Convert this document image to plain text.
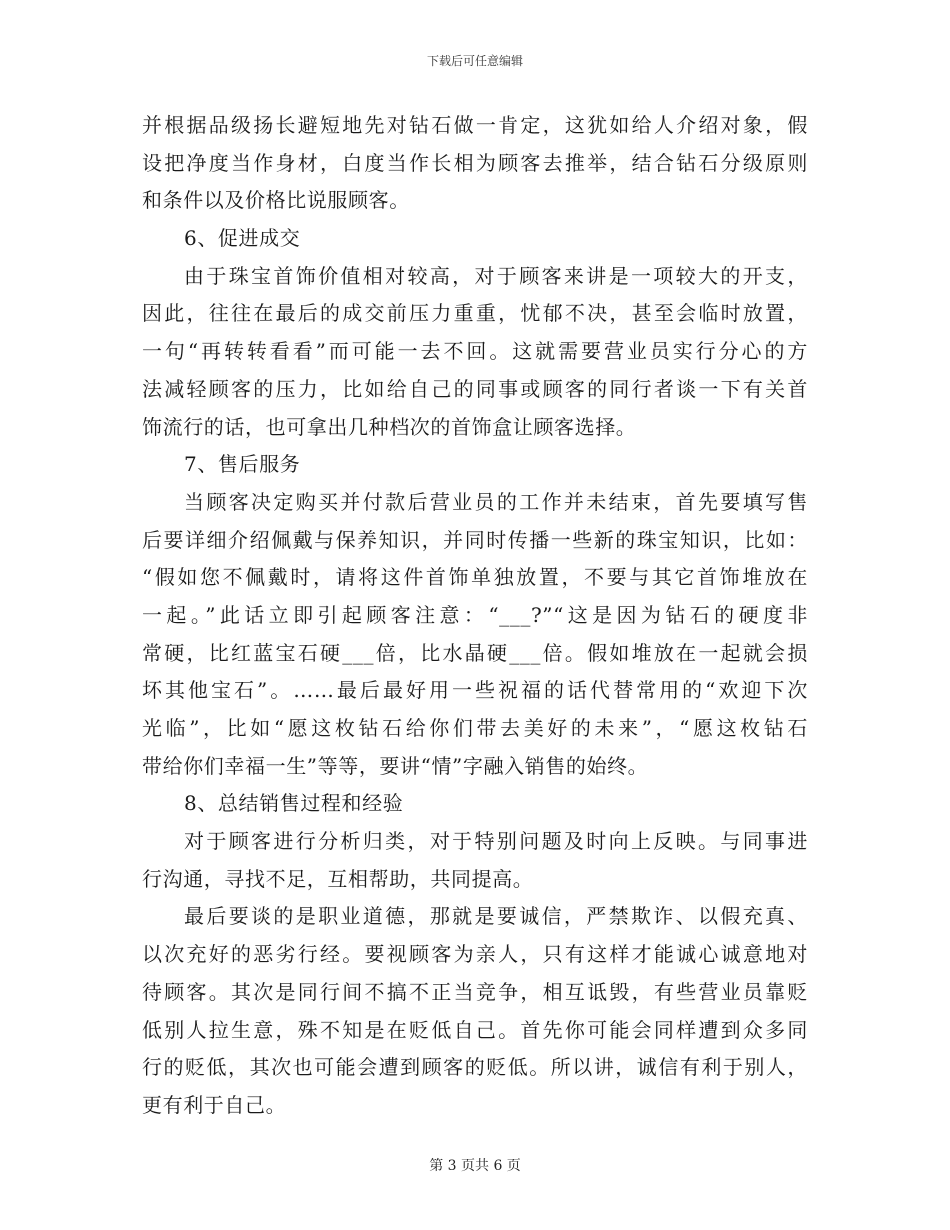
下载后可任意编辑
并根据品级扬长避短地先对钻石做一肯定，这犹如给人介绍对象，假
设把净度当作身材，白度当作长相为顾客去推举，结合钻石分级原则
和条件以及价格比说服顾客。
6、促进成交
由于珠宝首饰价值相对较高，对于顾客来讲是一项较大的开支，
因此，往往在最后的成交前压力重重，忧郁不决，甚至会临时放置，
一句“再转转看看”而可能一去不回。这就需要营业员实行分心的方
法减轻顾客的压力，比如给自己的同事或顾客的同行者谈一下有关首
饰流行的话，也可拿出几种档次的首饰盒让顾客选择。
7、售后服务
当顾客决定购买并付款后营业员的工作并未结束，首先要填写售
后要详细介绍佩戴与保养知识，并同时传播一些新的珠宝知识，比如：
“假如您不佩戴时，请将这件首饰单独放置，不要与其它首饰堆放在
一起。”此话立即引起顾客注意：“___?”“这是因为钻石的硬度非
常硬，比红蓝宝石硬___倍，比水晶硬___倍。假如堆放在一起就会损
坏其他宝石”。……最后最好用一些祝福的话代替常用的“欢迎下次
光临”，比如“愿这枚钻石给你们带去美好的未来”，“愿这枚钻石
带给你们幸福一生”等等，要讲“情”字融入销售的始终。
8、总结销售过程和经验
对于顾客进行分析归类，对于特别问题及时向上反映。与同事进
行沟通，寻找不足，互相帮助，共同提高。
最后要谈的是职业道德，那就是要诚信，严禁欺诈、以假充真、
以次充好的恶劣行经。要视顾客为亲人，只有这样才能诚心诚意地对
待顾客。其次是同行间不搞不正当竞争，相互诋毁，有些营业员靠贬
低别人拉生意，殊不知是在贬低自己。首先你可能会同样遭到众多同
行的贬低，其次也可能会遭到顾客的贬低。所以讲，诚信有利于别人，
更有利于自己。
第 3 页共 6 页
